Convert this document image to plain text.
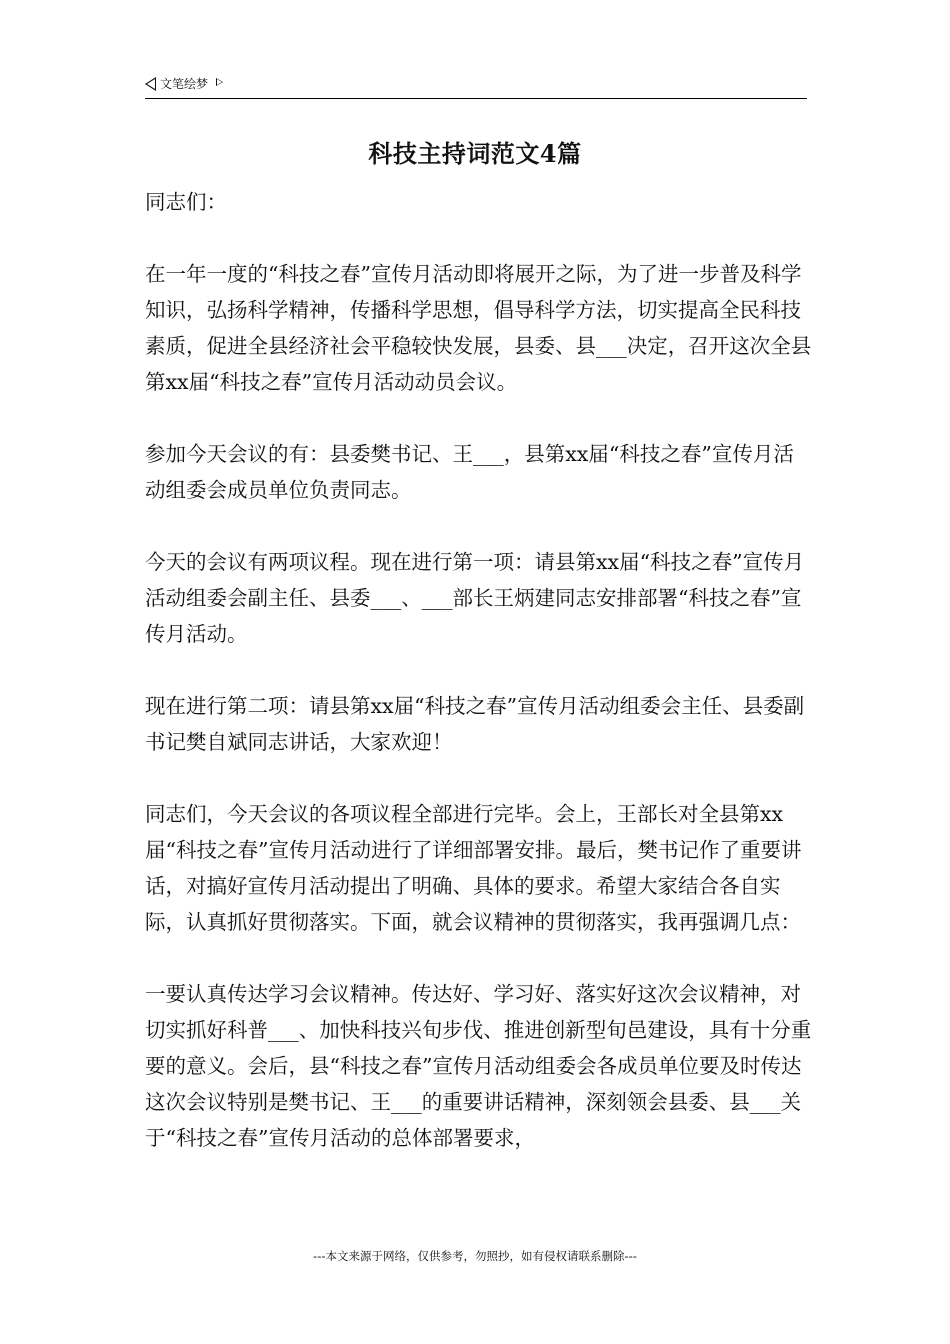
文笔绘梦
科技主持词范文4篇

同志们：

在一年一度的“科技之春”宣传月活动即将展开之际，为了进一步普及科学知识，弘扬科学精神，传播科学思想，倡导科学方法，切实提高全民科技素质，促进全县经济社会平稳较快发展，县委、县___决定，召开这次全县第xx届“科技之春”宣传月活动动员会议。

参加今天会议的有：县委樊书记、王___，县第xx届“科技之春”宣传月活动组委会成员单位负责同志。

今天的会议有两项议程。现在进行第一项：请县第xx届“科技之春”宣传月活动组委会副主任、县委___、___部长王炳建同志安排部署“科技之春”宣传月活动。

现在进行第二项：请县第xx届“科技之春”宣传月活动组委会主任、县委副书记樊自斌同志讲话，大家欢迎！

同志们，今天会议的各项议程全部进行完毕。会上，王部长对全县第xx届“科技之春”宣传月活动进行了详细部署安排。最后，樊书记作了重要讲话，对搞好宣传月活动提出了明确、具体的要求。希望大家结合各自实际，认真抓好贯彻落实。下面，就会议精神的贯彻落实，我再强调几点：

一要认真传达学习会议精神。传达好、学习好、落实好这次会议精神，对切实抓好科普___、加快科技兴旬步伐、推进创新型旬邑建设，具有十分重要的意义。会后，县“科技之春”宣传月活动组委会各成员单位要及时传达这次会议特别是樊书记、王___的重要讲话精神，深刻领会县委、县___关于“科技之春”宣传月活动的总体部署要求，

---本文来源于网络，仅供参考，勿照抄，如有侵权请联系删除---
